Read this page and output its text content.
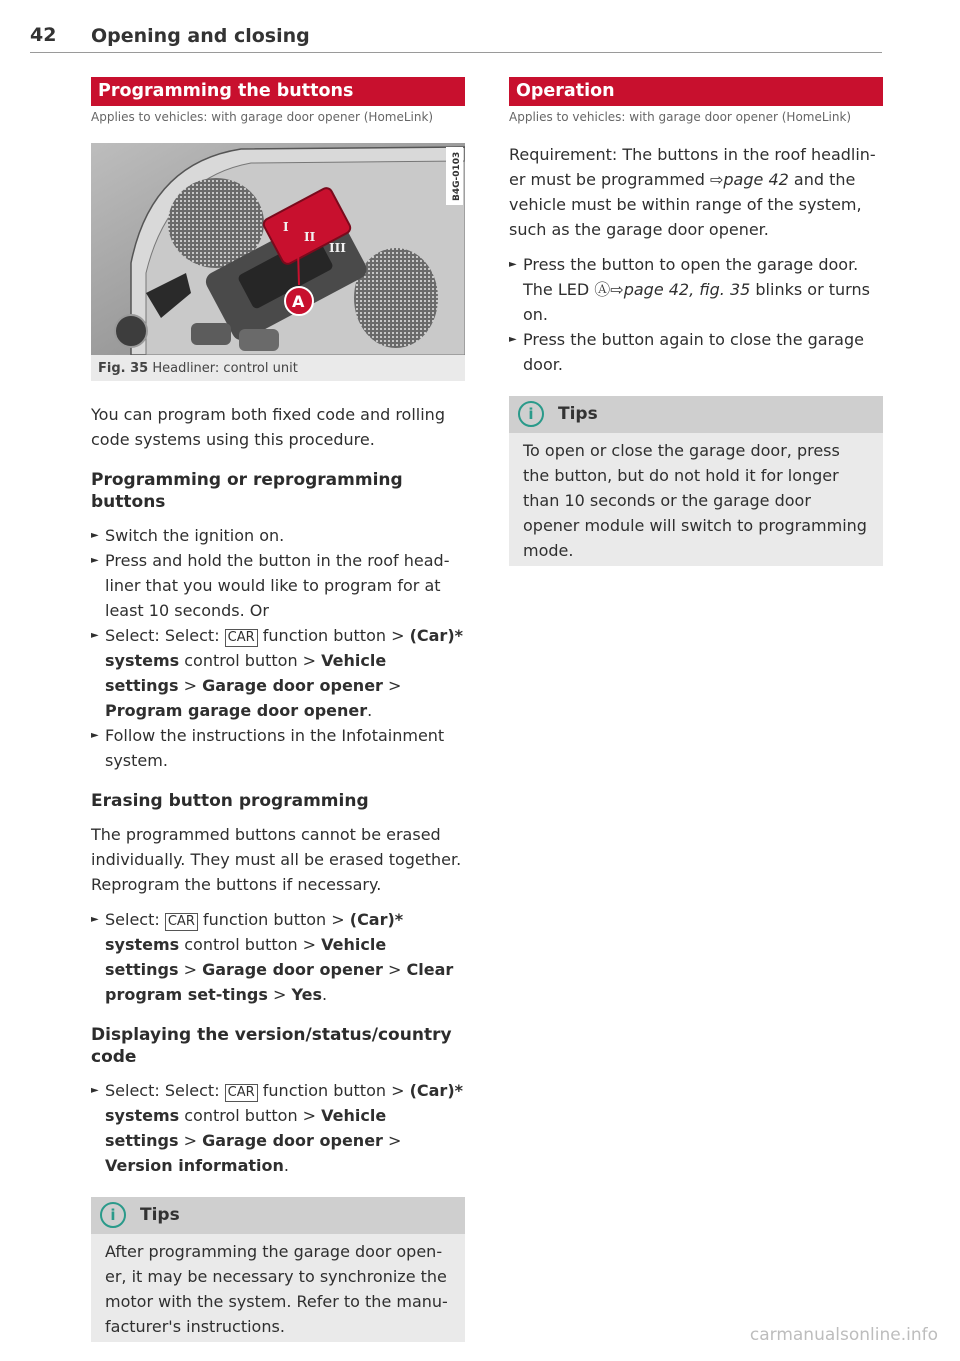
42 Opening and closing
Programming the buttons
Applies to vehicles: with garage door opener (HomeLink)
I
II
III
A
B4G-0103
Fig. 35 Headliner: control unit

You can program both fixed code and rolling code systems using this procedure.

Programming or reprogramming buttons
► Switch the ignition on.
► Press and hold the button in the roof head-liner that you would like to program for at least 10 seconds. Or
► Select: Select: CAR function button > (Car)* systems control button > Vehicle settings > Garage door opener > Program garage door opener.
► Follow the instructions in the Infotainment system.
Erasing button programming

The programmed buttons cannot be erased individually. They must all be erased together. Reprogram the buttons if necessary.

► Select: CAR function button > (Car)* systems control button > Vehicle settings > Garage door opener > Clear program set-tings > Yes.
Displaying the version/status/country code
► Select: Select: CAR function button > (Car)* systems control button > Vehicle settings > Garage door opener > Version information.
i Tips
After programming the garage door open-er, it may be necessary to synchronize the motor with the system. Refer to the manu-facturer's instructions.
Operation
Applies to vehicles: with garage door opener (HomeLink)

Requirement: The buttons in the roof headlin-er must be programmed ⇨page 42 and the vehicle must be within range of the system, such as the garage door opener.

► Press the button to open the garage door.
The LED Ⓐ⇨page 42, fig. 35 blinks or turns on.
► Press the button again to close the garage door.
i Tips
To open or close the garage door, press the button, but do not hold it for longer than 10 seconds or the garage door opener module will switch to programming mode.
carmanualsonline.info
